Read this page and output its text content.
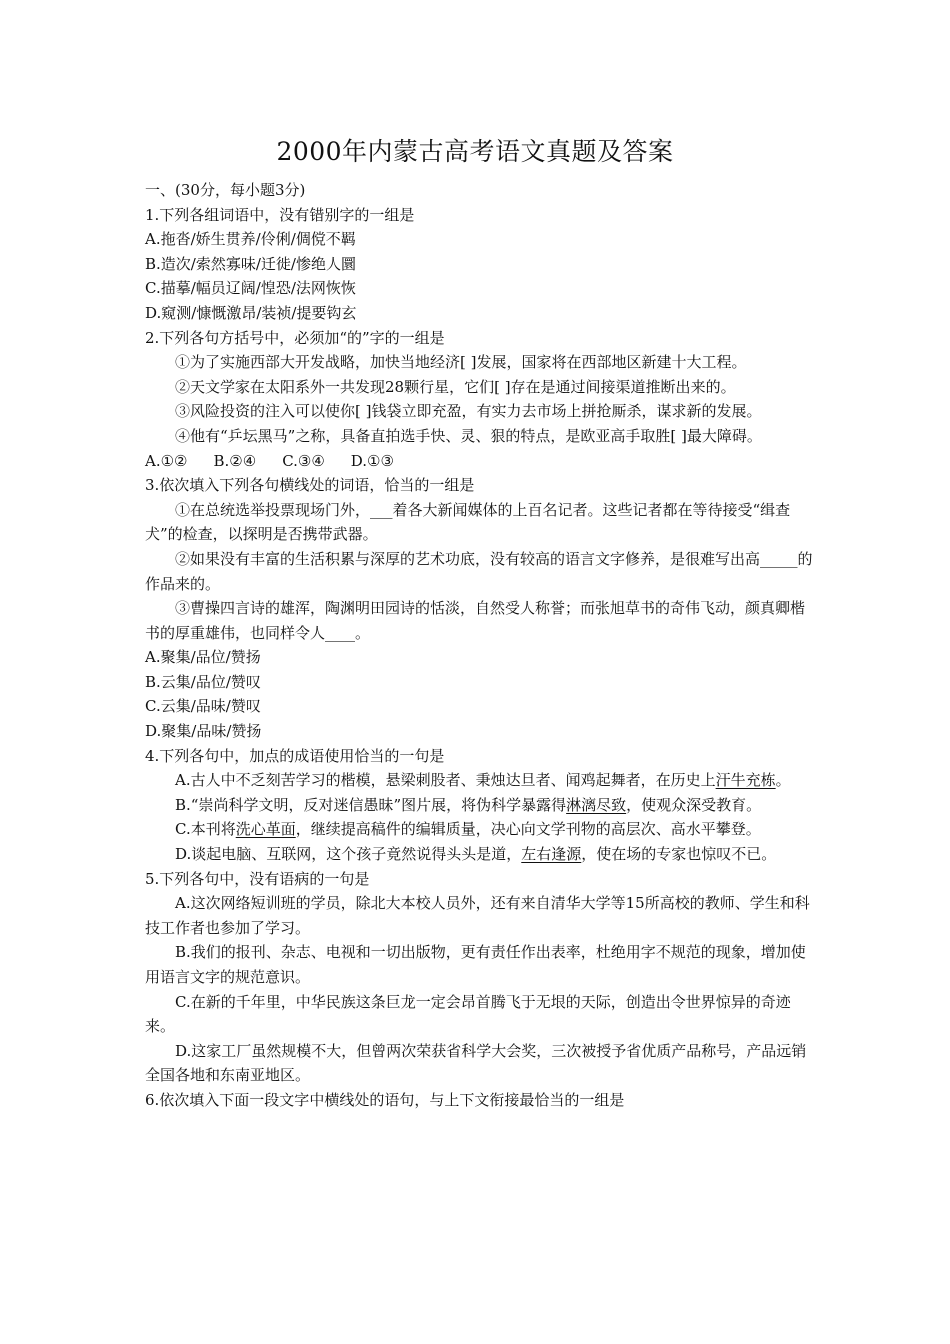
2000年内蒙古高考语文真题及答案

一、(30分，每小题3分)

1.下列各组词语中，没有错别字的一组是

A.拖沓/娇生贯养/伶俐/倜傥不羁

B.造次/索然寡味/迁徙/惨绝人圜

C.描摹/幅员辽阔/惶恐/法网恢恢

D.窥测/慷慨激昂/装祯/提要钩玄

2.下列各句方括号中，必须加“的”字的一组是

①为了实施西部大开发战略，加快当地经济[ ]发展，国家将在西部地区新建十大工程。

②天文学家在太阳系外一共发现28颗行星，它们[ ]存在是通过间接渠道推断出来的。

③风险投资的注入可以使你[ ]钱袋立即充盈，有实力去市场上拼抢厮杀，谋求新的发展。

④他有“乒坛黑马”之称，具备直拍选手快、灵、狠的特点，是欧亚高手取胜[ ]最大障碍。

A.①② B.②④ C.③④ D.①③

3.依次填入下列各句横线处的词语，恰当的一组是

①在总统选举投票现场门外，___着各大新闻媒体的上百名记者。这些记者都在等待接受“缉查犬”的检查，以探明是否携带武器。

②如果没有丰富的生活积累与深厚的艺术功底，没有较高的语言文字修养，是很难写出高_____的作品来的。

③曹操四言诗的雄浑，陶渊明田园诗的恬淡，自然受人称誉；而张旭草书的奇伟飞动，颜真卿楷书的厚重雄伟，也同样令人____。

A.聚集/品位/赞扬

B.云集/品位/赞叹

C.云集/品味/赞叹

D.聚集/品味/赞扬

4.下列各句中，加点的成语使用恰当的一句是

A.古人中不乏刻苦学习的楷模，悬梁刺股者、秉烛达旦者、闻鸡起舞者，在历史上汗牛充栋。

B.“崇尚科学文明，反对迷信愚昧”图片展，将伪科学暴露得淋漓尽致，使观众深受教育。

C.本刊将洗心革面，继续提高稿件的编辑质量，决心向文学刊物的高层次、高水平攀登。

D.谈起电脑、互联网，这个孩子竟然说得头头是道，左右逢源，使在场的专家也惊叹不已。

5.下列各句中，没有语病的一句是

A.这次网络短训班的学员，除北大本校人员外，还有来自清华大学等15所高校的教师、学生和科技工作者也参加了学习。

B.我们的报刊、杂志、电视和一切出版物，更有责任作出表率，杜绝用字不规范的现象，增加使用语言文字的规范意识。

C.在新的千年里，中华民族这条巨龙一定会昂首腾飞于无垠的天际，创造出令世界惊异的奇迹来。

D.这家工厂虽然规模不大，但曾两次荣获省科学大会奖，三次被授予省优质产品称号，产品远销全国各地和东南亚地区。

6.依次填入下面一段文字中横线处的语句，与上下文衔接最恰当的一组是
